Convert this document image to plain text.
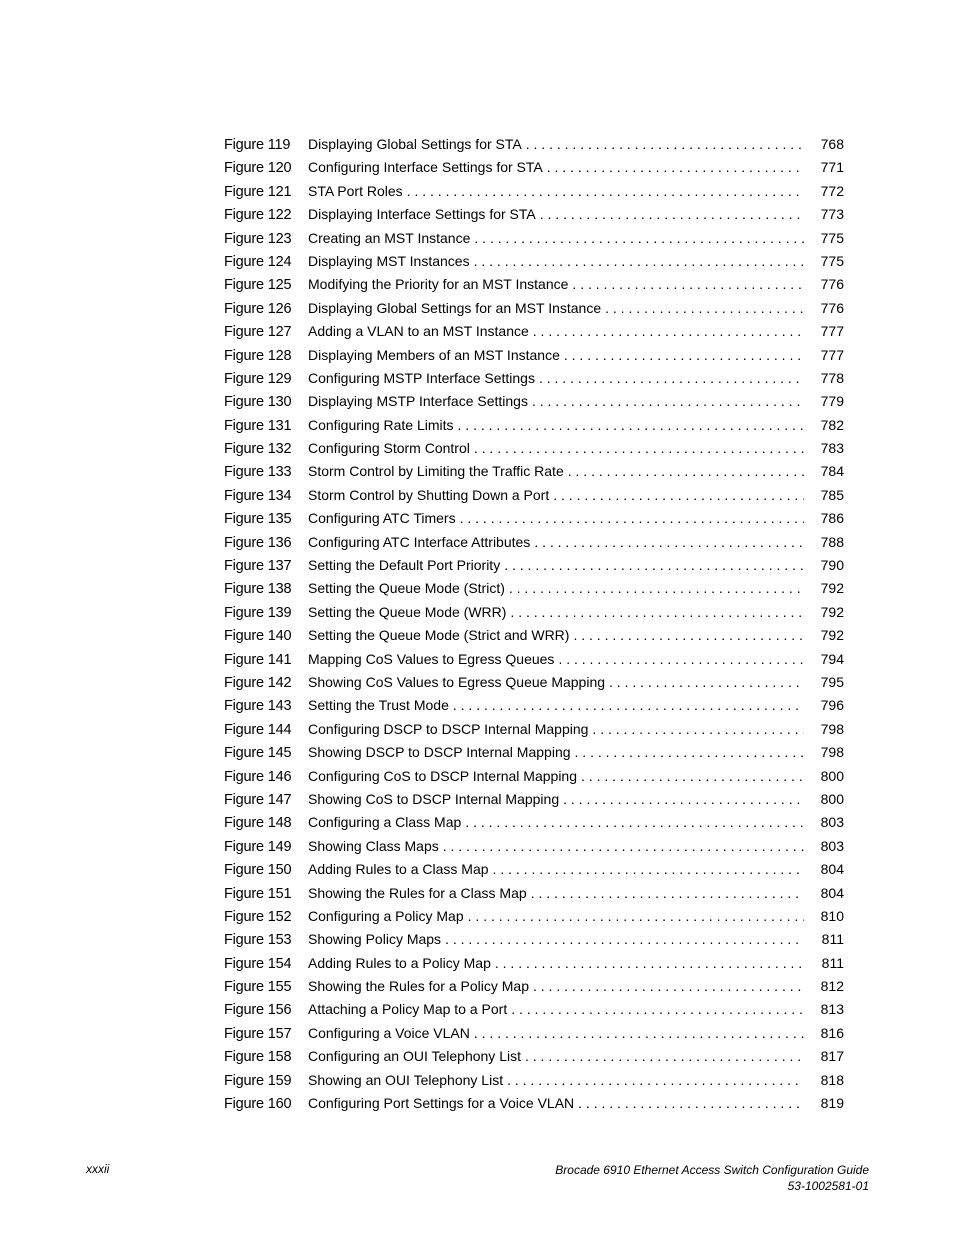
Figure 119	Displaying Global Settings for STA . . .	768
Figure 120	Configuring Interface Settings for STA . . .	771
Figure 121	STA Port Roles . . .	772
Figure 122	Displaying Interface Settings for STA . . .	773
Figure 123	Creating an MST Instance . . .	775
Figure 124	Displaying MST Instances . . .	775
Figure 125	Modifying the Priority for an MST Instance . . .	776
Figure 126	Displaying Global Settings for an MST Instance . . .	776
Figure 127	Adding a VLAN to an MST Instance . . .	777
Figure 128	Displaying Members of an MST Instance . . .	777
Figure 129	Configuring MSTP Interface Settings . . .	778
Figure 130	Displaying MSTP Interface Settings . . .	779
Figure 131	Configuring Rate Limits . . .	782
Figure 132	Configuring Storm Control . . .	783
Figure 133	Storm Control by Limiting the Traffic Rate . . .	784
Figure 134	Storm Control by Shutting Down a Port . . .	785
Figure 135	Configuring ATC Timers . . .	786
Figure 136	Configuring ATC Interface Attributes . . .	788
Figure 137	Setting the Default Port Priority . . .	790
Figure 138	Setting the Queue Mode (Strict) . . .	792
Figure 139	Setting the Queue Mode (WRR) . . .	792
Figure 140	Setting the Queue Mode (Strict and WRR) . . .	792
Figure 141	Mapping CoS Values to Egress Queues . . .	794
Figure 142	Showing CoS Values to Egress Queue Mapping . . .	795
Figure 143	Setting the Trust Mode . . .	796
Figure 144	Configuring DSCP to DSCP Internal Mapping . . .	798
Figure 145	Showing DSCP to DSCP Internal Mapping . . .	798
Figure 146	Configuring CoS to DSCP Internal Mapping . . .	800
Figure 147	Showing CoS to DSCP Internal Mapping . . .	800
Figure 148	Configuring a Class Map . . .	803
Figure 149	Showing Class Maps . . .	803
Figure 150	Adding Rules to a Class Map . . .	804
Figure 151	Showing the Rules for a Class Map . . .	804
Figure 152	Configuring a Policy Map . . .	810
Figure 153	Showing Policy Maps . . .	811
Figure 154	Adding Rules to a Policy Map . . .	811
Figure 155	Showing the Rules for a Policy Map . . .	812
Figure 156	Attaching a Policy Map to a Port . . .	813
Figure 157	Configuring a Voice VLAN . . .	816
Figure 158	Configuring an OUI Telephony List . . .	817
Figure 159	Showing an OUI Telephony List . . .	818
Figure 160	Configuring Port Settings for a Voice VLAN . . .	819
xxxii	Brocade 6910 Ethernet Access Switch Configuration Guide
53-1002581-01
